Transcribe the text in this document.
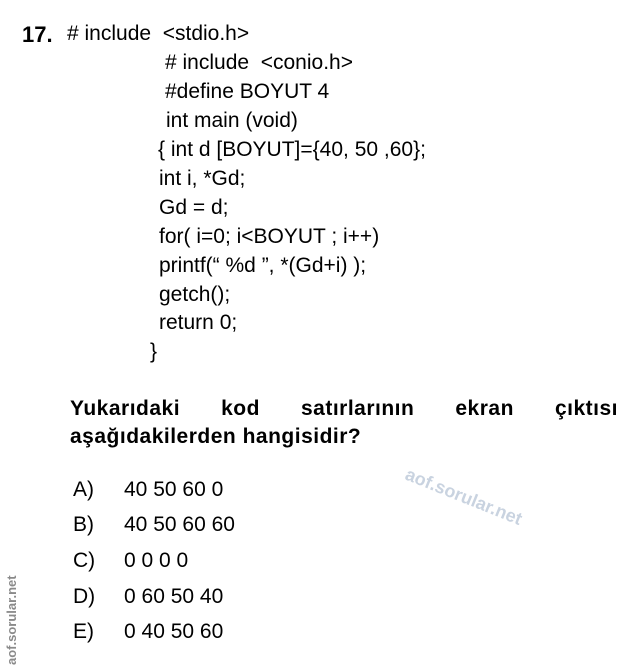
aof.sorular.net
aof.sorular.net
17. # include  <stdio.h>
# include  <conio.h>
#define BOYUT 4
int main (void)
{ int d [BOYUT]={40, 50 ,60};
int i, *Gd;
Gd = d;
for( i=0; i<BOYUT ; i++)
printf(“ %d ”, *(Gd+i) );
getch();
return 0;
}
Yukarıdaki kod satırlarının ekran çıktısı
aşağıdakilerden hangisidir?
A) 40 50 60 0
B) 40 50 60 60
C) 0 0 0 0
D) 0 60 50 40
E) 0 40 50 60
